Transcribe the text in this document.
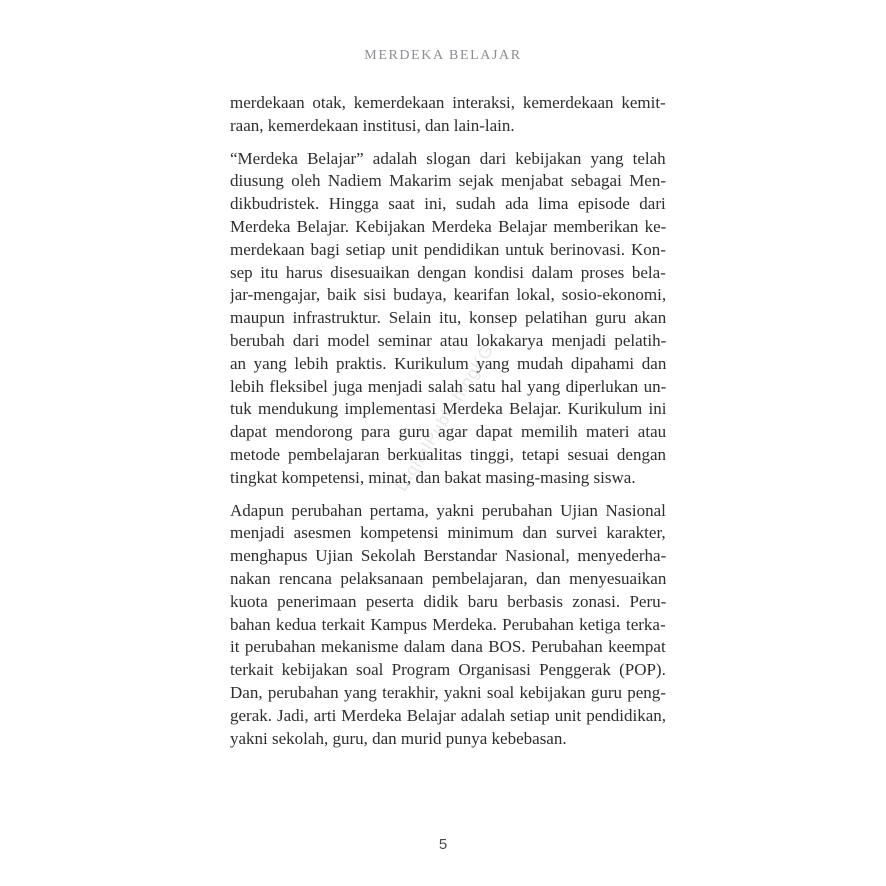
MERDEKA BELAJAR
DigitalPublishingKG
merdekaan otak, kemerdekaan interaksi, kemerdekaan kemit-
raan, kemerdekaan institusi, dan lain-lain.
“Merdeka Belajar” adalah slogan dari kebijakan yang telah
diusung oleh Nadiem Makarim sejak menjabat sebagai Men-
dikbudristek. Hingga saat ini, sudah ada lima episode dari
Merdeka Belajar. Kebijakan Merdeka Belajar memberikan ke-
merdekaan bagi setiap unit pendidikan untuk berinovasi. Kon-
sep itu harus disesuaikan dengan kondisi dalam proses bela-
jar-mengajar, baik sisi budaya, kearifan lokal, sosio-ekonomi,
maupun infrastruktur. Selain itu, konsep pelatihan guru akan
berubah dari model seminar atau lokakarya menjadi pelatih-
an yang lebih praktis. Kurikulum yang mudah dipahami dan
lebih fleksibel juga menjadi salah satu hal yang diperlukan un-
tuk mendukung implementasi Merdeka Belajar. Kurikulum ini
dapat mendorong para guru agar dapat memilih materi atau
metode pembelajaran berkualitas tinggi, tetapi sesuai dengan
tingkat kompetensi, minat, dan bakat masing-masing siswa.
Adapun perubahan pertama, yakni perubahan Ujian Nasional
menjadi asesmen kompetensi minimum dan survei karakter,
menghapus Ujian Sekolah Berstandar Nasional, menyederha-
nakan rencana pelaksanaan pembelajaran, dan menyesuaikan
kuota penerimaan peserta didik baru berbasis zonasi. Peru-
bahan kedua terkait Kampus Merdeka. Perubahan ketiga terka-
it perubahan mekanisme dalam dana BOS. Perubahan keempat
terkait kebijakan soal Program Organisasi Penggerak (POP).
Dan, perubahan yang terakhir, yakni soal kebijakan guru peng-
gerak. Jadi, arti Merdeka Belajar adalah setiap unit pendidikan,
yakni sekolah, guru, dan murid punya kebebasan.
5
